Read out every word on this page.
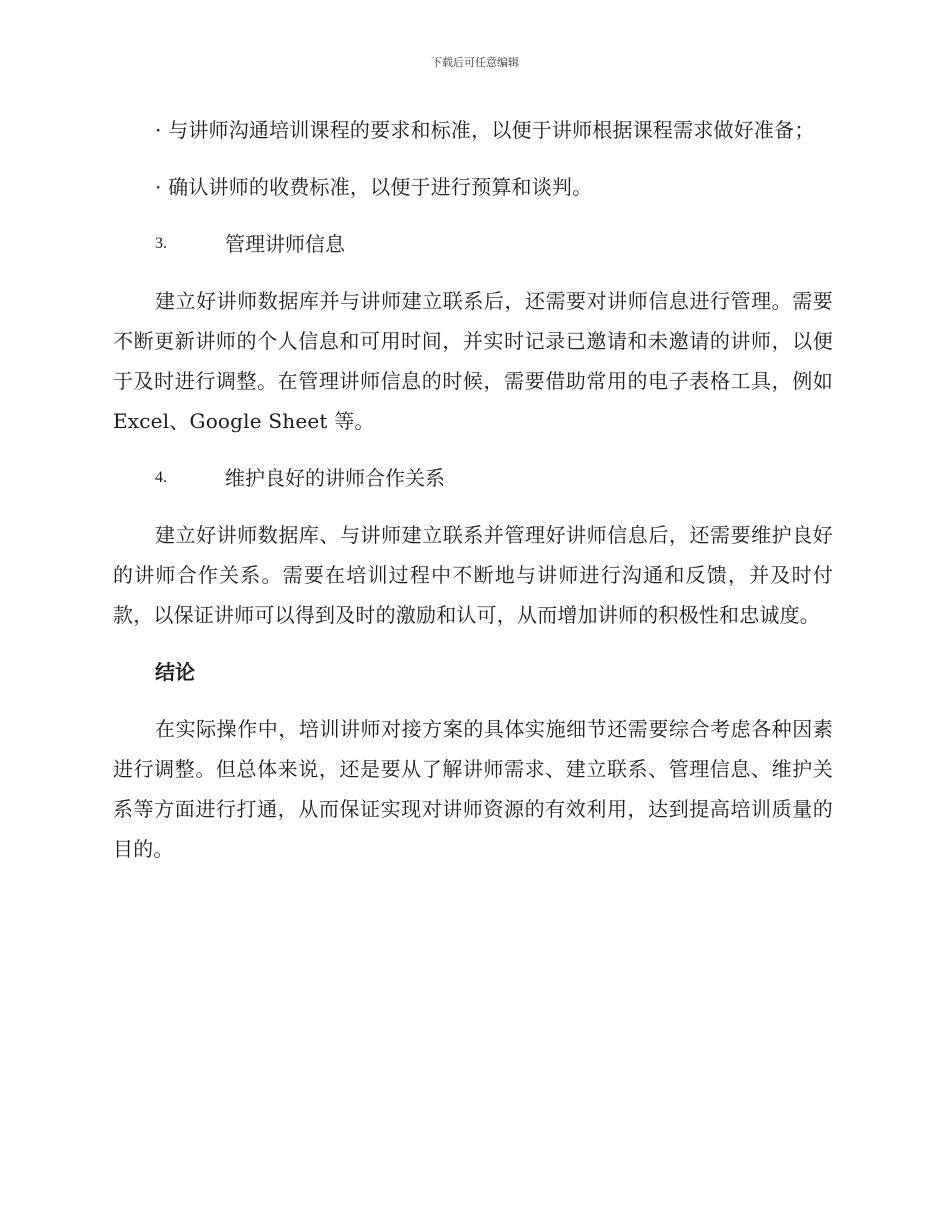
下载后可任意编辑

· 与讲师沟通培训课程的要求和标准，以便于讲师根据课程需求做好准备；

· 确认讲师的收费标准，以便于进行预算和谈判。

3.	管理讲师信息

建立好讲师数据库并与讲师建立联系后，还需要对讲师信息进行管理。需要不断更新讲师的个人信息和可用时间，并实时记录已邀请和未邀请的讲师，以便于及时进行调整。在管理讲师信息的时候，需要借助常用的电子表格工具，例如 Excel、Google Sheet 等。

4.	维护良好的讲师合作关系

建立好讲师数据库、与讲师建立联系并管理好讲师信息后，还需要维护良好的讲师合作关系。需要在培训过程中不断地与讲师进行沟通和反馈，并及时付款，以保证讲师可以得到及时的激励和认可，从而增加讲师的积极性和忠诚度。

结论

在实际操作中，培训讲师对接方案的具体实施细节还需要综合考虑各种因素进行调整。但总体来说，还是要从了解讲师需求、建立联系、管理信息、维护关系等方面进行打通，从而保证实现对讲师资源的有效利用，达到提高培训质量的目的。
